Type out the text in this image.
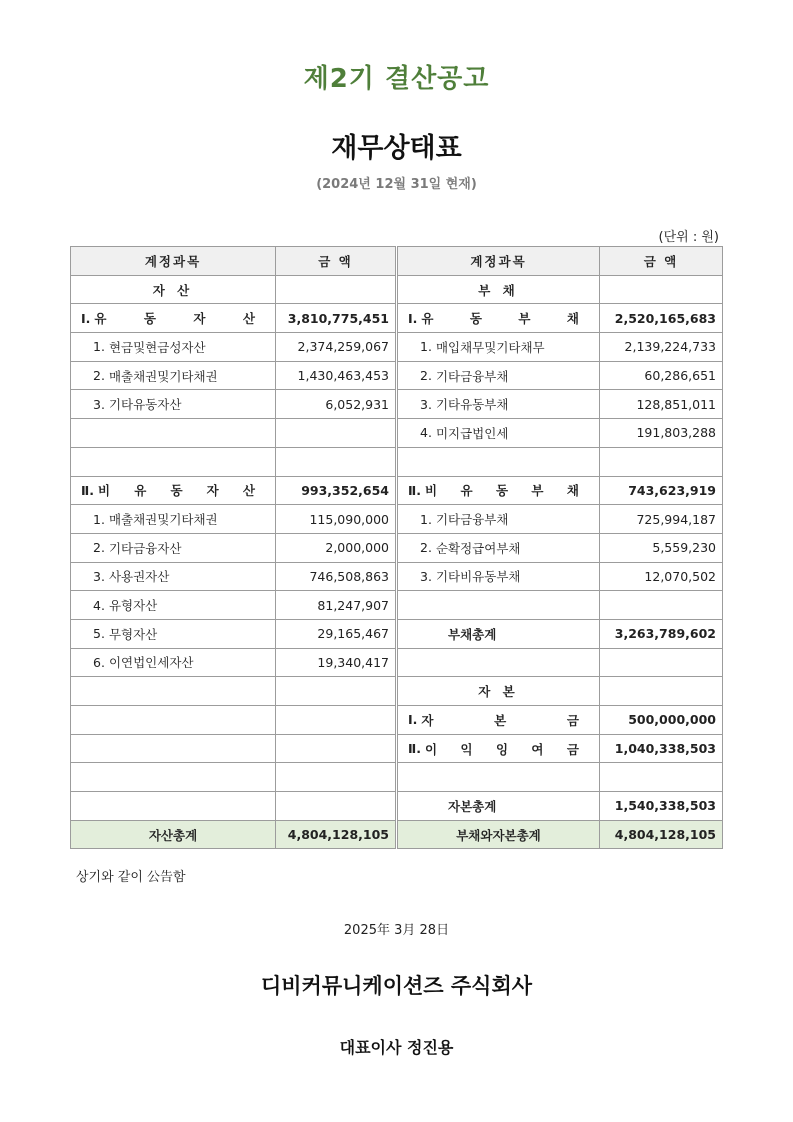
제2기 결산공고
재무상태표
(2024년 12월 31일 현재)
(단위 : 원)
계정과목	금 액	계정과목	금 액
자 산		부 채	

Ⅰ. 유 동 자 산	3,810,775,451	Ⅰ. 유 동 부 채	2,520,165,683

1. 현금및현금성자산	2,374,259,067	1. 매입채무및기타채무	2,139,224,733

2. 매출채권및기타채권	1,430,463,453	2. 기타금융부채	60,286,651

3. 기타유동자산	6,052,931	3. 기타유동부채	128,851,011

		4. 미지급법인세	191,803,288

Ⅱ. 비 유 동 자 산	993,352,654	Ⅱ. 비 유 동 부 채	743,623,919

1. 매출채권및기타채권	115,090,000	1. 기타금융부채	725,994,187

2. 기타금융자산	2,000,000	2. 순확정급여부채	5,559,230

3. 사용권자산	746,508,863	3. 기타비유동부채	12,070,502

4. 유형자산	81,247,907		

5. 무형자산	29,165,467	부채총계	3,263,789,602

6. 이연법인세자산	19,340,417		
		자 본	

		Ⅰ. 자 본 금	500,000,000

		Ⅱ. 이 익 잉 여 금	1,040,338,503

		자본총계	1,540,338,503
자산총계	4,804,128,105	부채와자본총계	4,804,128,105
상기와 같이 公告함
2025年 3月 28日
디비커뮤니케이션즈 주식회사
대표이사 정진용
